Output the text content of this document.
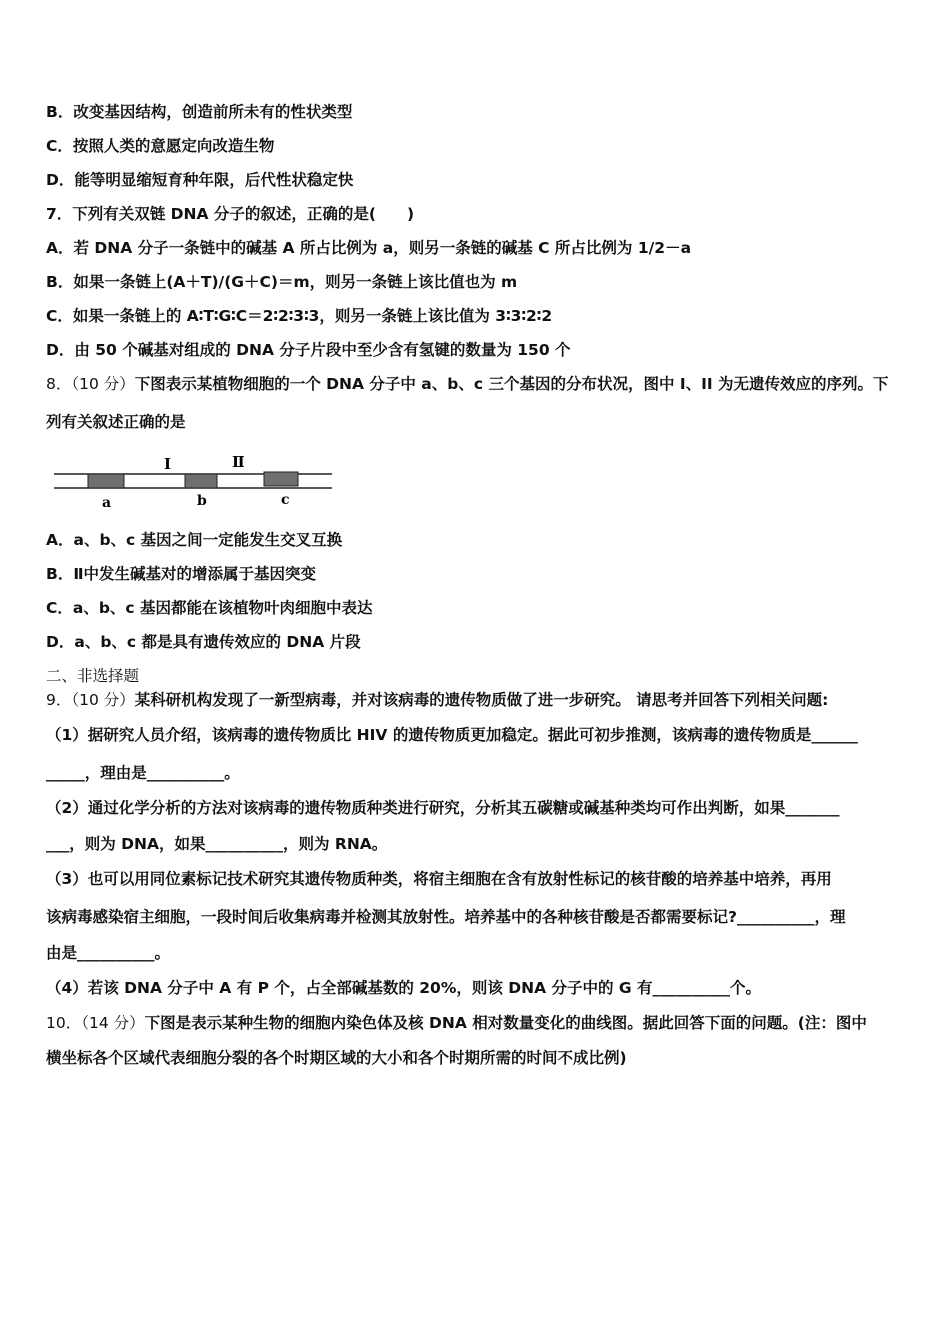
B．改变基因结构，创造前所未有的性状类型
C．按照人类的意愿定向改造生物
D．能等明显缩短育种年限，后代性状稳定快
7．下列有关双链 DNA 分子的叙述，正确的是(　　)
A．若 DNA 分子一条链中的碱基 A 所占比例为 a，则另一条链的碱基 C 所占比例为 1/2－a
B．如果一条链上(A＋T)/(G＋C)＝m，则另一条链上该比值也为 m
C．如果一条链上的 A∶T∶G∶C＝2∶2∶3∶3，则另一条链上该比值为 3∶3∶2∶2
D．由 50 个碱基对组成的 DNA 分子片段中至少含有氢键的数量为 150 个
8．（10 分）下图表示某植物细胞的一个 DNA 分子中 a、b、c 三个基因的分布状况，图中 I、II 为无遗传效应的序列。下
列有关叙述正确的是
I	Ⅱ
a	b	c
A．a、b、c 基因之间一定能发生交叉互换
B．Ⅱ中发生碱基对的增添属于基因突变
C．a、b、c 基因都能在该植物叶肉细胞中表达
D．a、b、c 都是具有遗传效应的 DNA 片段
二、非选择题
9．（10 分）某科研机构发现了一新型病毒，并对该病毒的遗传物质做了进一步研究。 请思考并回答下列相关问题:
（1）据研究人员介绍，该病毒的遗传物质比 HIV 的遗传物质更加稳定。据此可初步推测，该病毒的遗传物质是______
_____，理由是__________。
（2）通过化学分析的方法对该病毒的遗传物质种类进行研究，分析其五碳糖或碱基种类均可作出判断，如果_______
___，则为 DNA，如果__________，则为 RNA。
（3）也可以用同位素标记技术研究其遗传物质种类，将宿主细胞在含有放射性标记的核苷酸的培养基中培养，再用
该病毒感染宿主细胞，一段时间后收集病毒并检测其放射性。培养基中的各种核苷酸是否都需要标记?__________，理
由是__________。
（4）若该 DNA 分子中 A 有 P 个，占全部碱基数的 20%，则该 DNA 分子中的 G 有__________个。
10．（14 分）下图是表示某种生物的细胞内染色体及核 DNA 相对数量变化的曲线图。据此回答下面的问题。(注：图中
横坐标各个区域代表细胞分裂的各个时期区域的大小和各个时期所需的时间不成比例)
